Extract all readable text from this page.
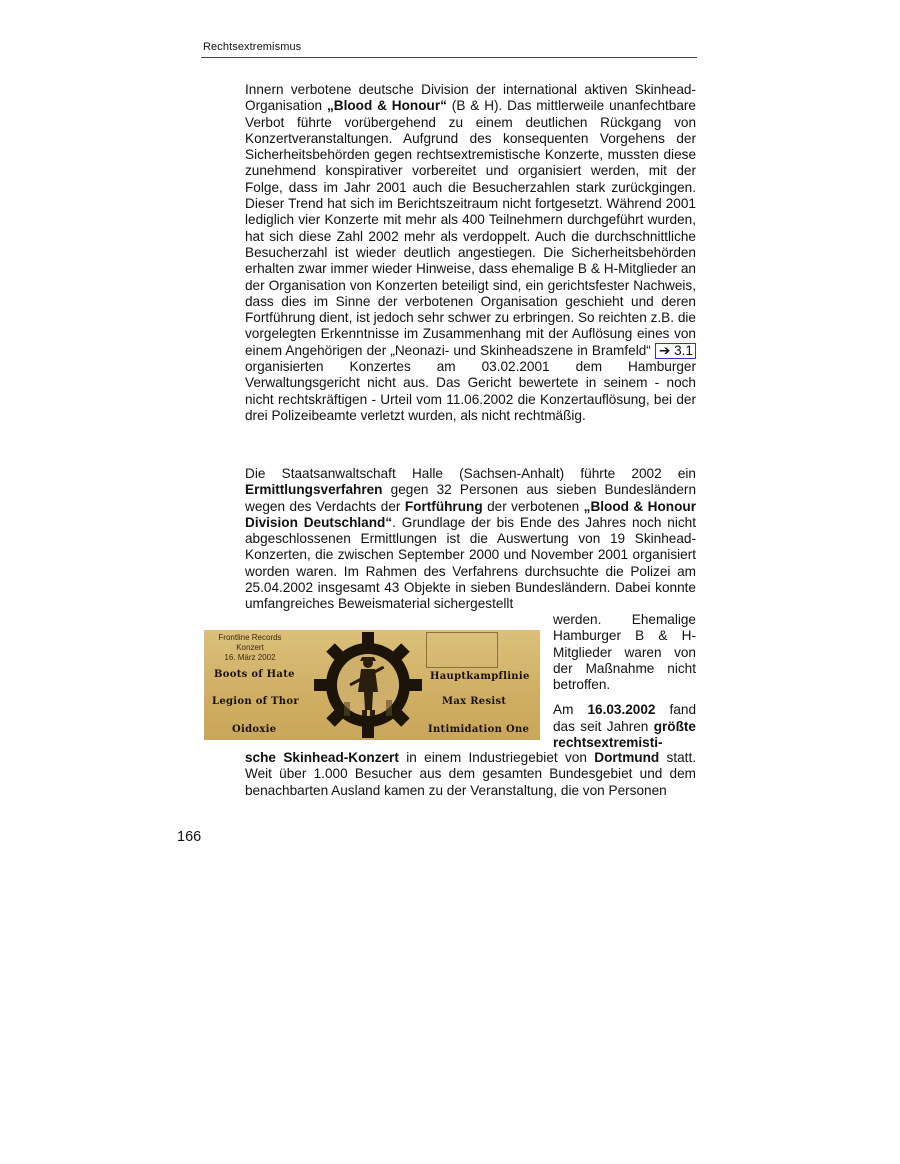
Rechtsextremismus

Innern verbotene deutsche Division der international aktiven Skinhead-Organisation „Blood & Honour“ (B & H). Das mittlerweile unanfechtbare Verbot führte vorübergehend zu einem deutlichen Rückgang von Konzertveranstaltungen. Aufgrund des konsequenten Vorgehens der Sicherheitsbehörden gegen rechtsextremistische Konzerte, mussten diese zunehmend konspirativer vorbereitet und organisiert werden, mit der Folge, dass im Jahr 2001 auch die Besucherzahlen stark zurückgingen. Dieser Trend hat sich im Berichtszeitraum nicht fortgesetzt. Während 2001 lediglich vier Konzerte mit mehr als 400 Teilnehmern durchgeführt wurden, hat sich diese Zahl 2002 mehr als verdoppelt. Auch die durchschnittliche Besucherzahl ist wieder deutlich angestiegen. Die Sicherheitsbehörden erhalten zwar immer wieder Hinweise, dass ehemalige B & H-Mitglieder an der Organisation von Konzerten beteiligt sind, ein gerichtsfester Nachweis, dass dies im Sinne der verbotenen Organisation geschieht und deren Fortführung dient, ist jedoch sehr schwer zu erbringen. So reichten z.B. die vorgelegten Erkenntnisse im Zusammenhang mit der Auflösung eines von einem Angehörigen der „Neonazi- und Skinheadszene in Bramfeld“ ➔ 3.1 organisierten Konzertes am 03.02.2001 dem Hamburger Verwaltungsgericht nicht aus. Das Gericht bewertete in seinem - noch nicht rechtskräftigen - Urteil vom 11.06.2002 die Konzertauflösung, bei der drei Polizeibeamte verletzt wurden, als nicht rechtmäßig.

Die Staatsanwaltschaft Halle (Sachsen-Anhalt) führte 2002 ein Ermittlungsverfahren gegen 32 Personen aus sieben Bundesländern wegen des Verdachts der Fortführung der verbotenen „Blood & Honour Division Deutschland“. Grundlage der bis Ende des Jahres noch nicht abgeschlossenen Ermittlungen ist die Auswertung von 19 Skinhead-Konzerten, die zwischen September 2000 und November 2001 organisiert worden waren. Im Rahmen des Verfahrens durchsuchte die Polizei am 25.04.2002 insgesamt 43 Objekte in sieben Bundesländern. Dabei konnte umfangreiches Beweismaterial sichergestellt

Frontline Records
Konzert
16. März 2002
Boots of Hate
Legion of Thor
Oidoxie
Hauptkampflinie
Max Resist
Intimidation One

werden. Ehemalige Hamburger B & H-Mitglieder waren von der Maßnahme nicht betroffen.

Am 16.03.2002 fand das seit Jahren größte rechtsextremisti-

sche Skinhead-Konzert in einem Industriegebiet von Dortmund statt. Weit über 1.000 Besucher aus dem gesamten Bundesgebiet und dem benachbarten Ausland kamen zu der Veranstaltung, die von Personen
166
